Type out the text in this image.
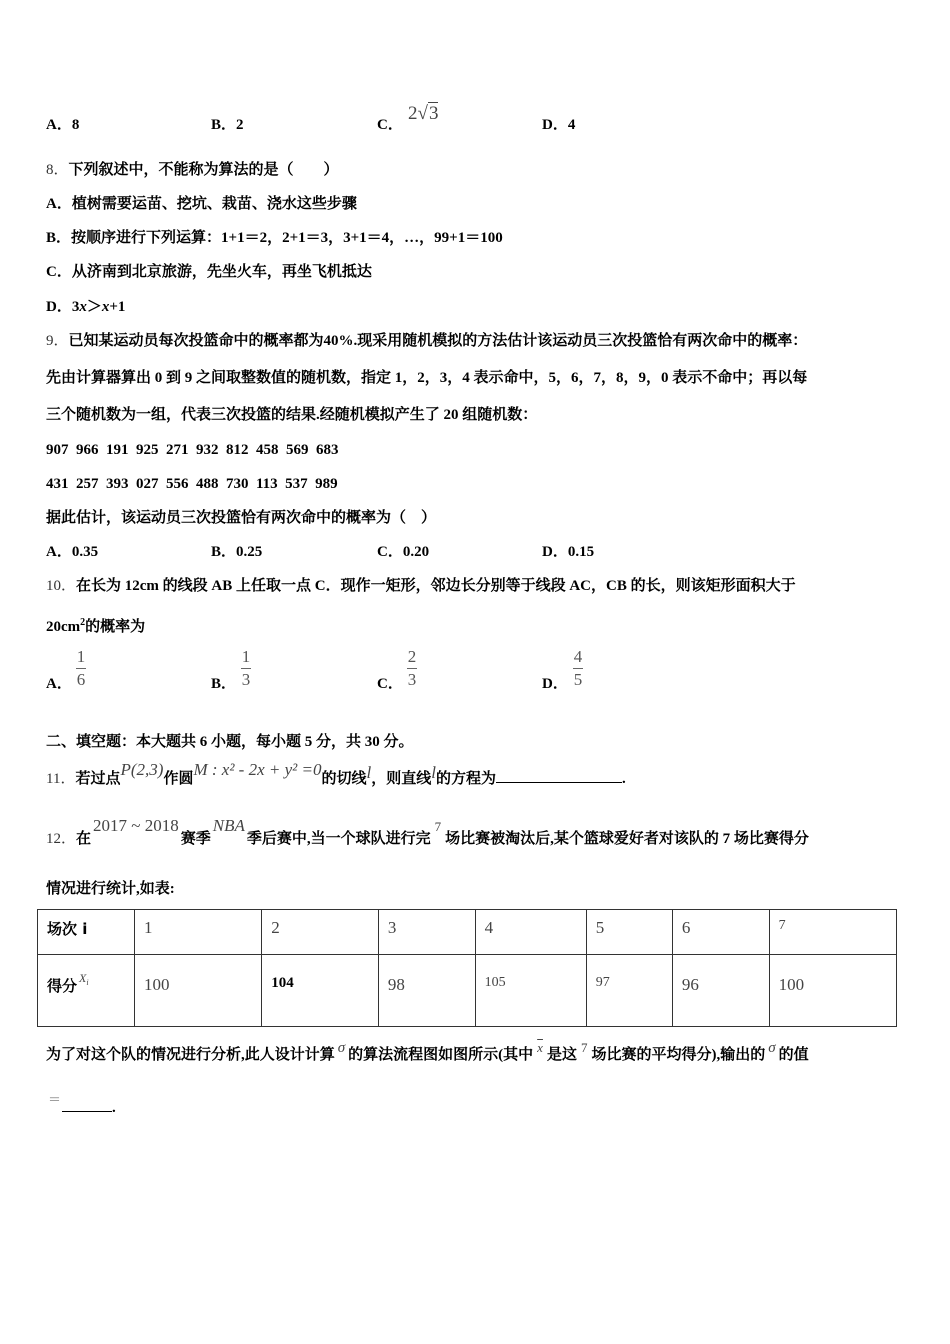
A．8	B．2	C．
2√3
D．4
8．下列叙述中，不能称为算法的是（　　）
A．植树需要运苗、挖坑、栽苗、浇水这些步骤
B．按顺序进行下列运算：1+1＝2，2+1＝3，3+1＝4，…，99+1＝100
C．从济南到北京旅游，先坐火车，再坐飞机抵达
D．3x＞x+1
9．已知某运动员每次投篮命中的概率都为40%.现采用随机模拟的方法估计该运动员三次投篮恰有两次命中的概率：
先由计算器算出 0 到 9 之间取整数值的随机数，指定 1，2，3，4 表示命中，5，6，7，8，9，0 表示不命中；再以每
三个随机数为一组，代表三次投篮的结果.经随机模拟产生了 20 组随机数：
907  966  191  925  271  932  812  458  569  683
431  257  393  027  556  488  730  113  537  989
据此估计，该运动员三次投篮恰有两次命中的概率为（　）
A．0.35	B．0.25	C．0.20	D．0.15
10．在长为 12cm 的线段 AB 上任取一点 C．现作一矩形，邻边长分别等于线段 AC，CB 的长，则该矩形面积大于
$20cm^2$的概率为
A．
1
6	B．
1
3	C．
2
3	D．
4
5
二、填空题：本大题共 6 小题，每小题 5 分，共 30 分。
11．若过点P(2,3)作圆M : x² - 2x + y² =0的切线l，则直线l的方程为	.
12．在2017 ~ 2018赛季NBA季后赛中,当一个球队进行完7场比赛被淘汰后,某个篮球爱好者对该队的 7 场比赛得分
情况进行统计,如表:
场次 i	1	2	3	4	5	6	7
得分 $^X_i$	100	104	98	105	97	96	100
为了对这个队的情况进行分析,此人设计计算 σ 的算法流程图如图所示(其中 $\overline{x}$ 是这 7 场比赛的平均得分),输出的 σ 的值
＝
.
